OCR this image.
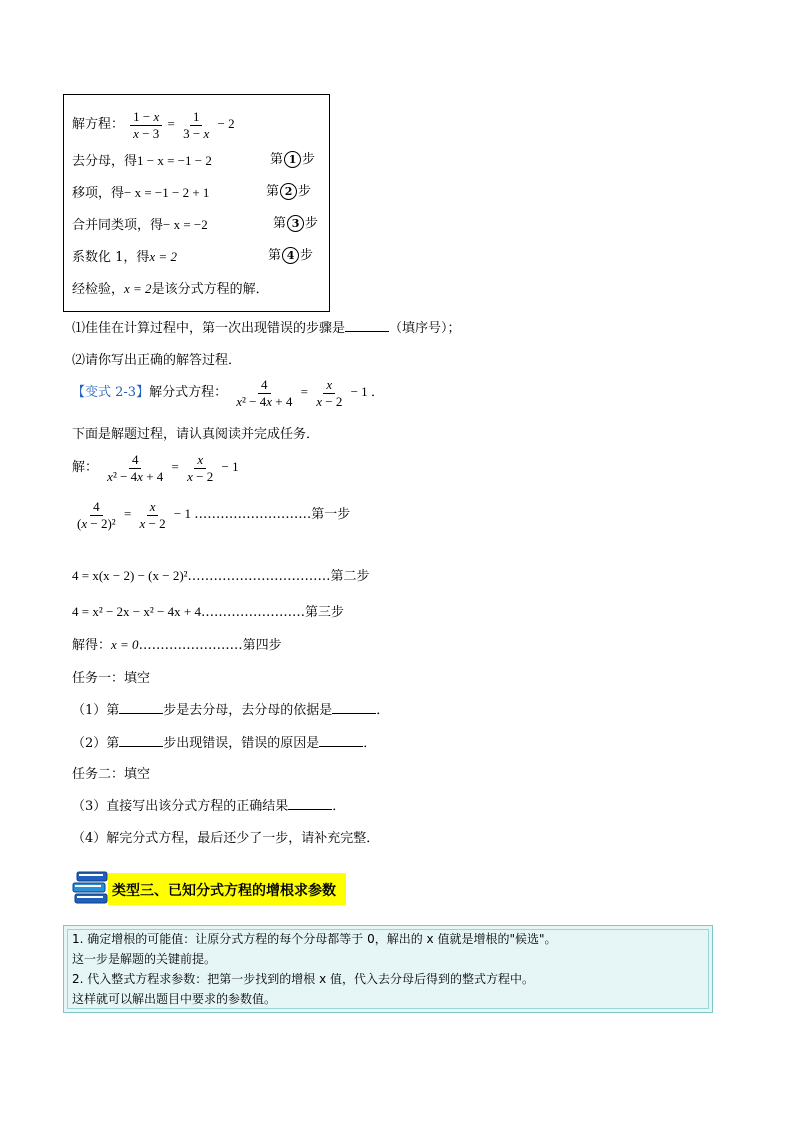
解方程： $\frac{1 - x}{x - 3} = \frac{1}{3 - x} - 2$
去分母，得1 − x = −1 − 2	第 1 步
移项，得− x = −1 − 2 + 1	第 2 步
合并同类项，得− x = −2	第 3 步
系数化 1，得x = 2	第 4 步
经检验，x = 2是该分式方程的解．
⑴佳佳在计算过程中，第一次出现错误的步骤是	（填序号）；
⑵请你写出正确的解答过程．
【变式 2-3】解分式方程： $\frac{4}{\text{x² − 4x + 4}} = \frac{x}{x - 2} - 1$ ．
下面是解题过程，请认真阅读并完成任务．
解： $\frac{4}{\text{x² − 4x + 4}} = \frac{x}{x - 2} - 1$
$\frac{4}{\text{(x − 2)²}} = \frac{x}{x - 2} - 1$ ………………………第一步
4 = x(x − 2) − (x − 2)²……………………………第二步
4 = x² − 2x − x² − 4x + 4……………………第三步
解得：x = 0……………………第四步
任务一：填空
（1）第	步是去分母，去分母的依据是	．
（2）第	步出现错误，错误的原因是	．
任务二：填空
（3）直接写出该分式方程的正确结果	．
（4）解完分式方程，最后还少了一步，请补充完整．
类型三、已知分式方程的增根求参数
1. 确定增根的可能值：让原分式方程的每个分母都等于 0，解出的 x 值就是增根的"候选"。
这一步是解题的关键前提。
2. 代入整式方程求参数：把第一步找到的增根 x 值，代入去分母后得到的整式方程中。
这样就可以解出题目中要求的参数值。
